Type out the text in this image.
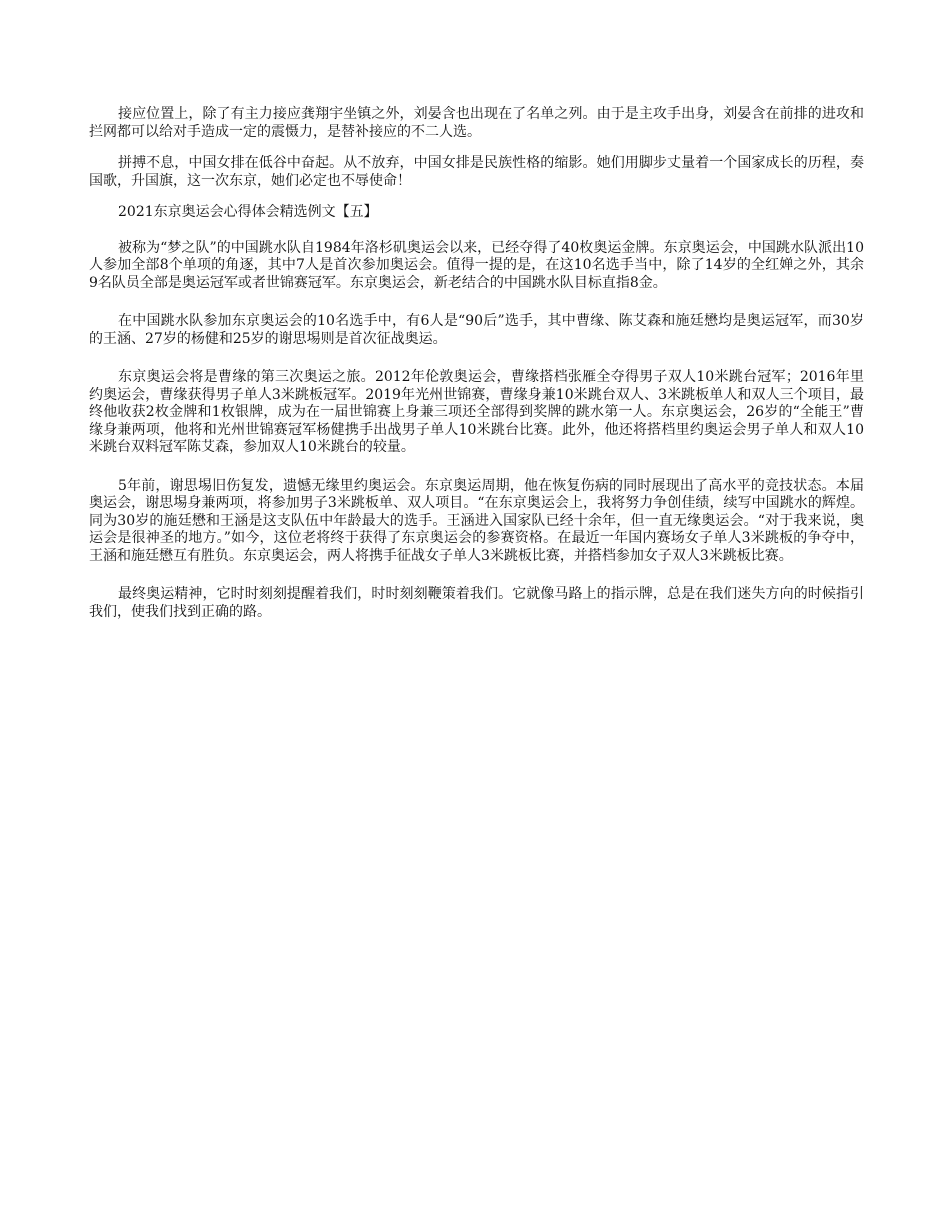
接应位置上，除了有主力接应龚翔宇坐镇之外，刘晏含也出现在了名单之列。由于是主攻手出身，刘晏含在前排的进攻和拦网都可以给对手造成一定的震慑力，是替补接应的不二人选。

拼搏不息，中国女排在低谷中奋起。从不放弃，中国女排是民族性格的缩影。她们用脚步丈量着一个国家成长的历程，奏国歌，升国旗，这一次东京，她们必定也不辱使命！

2021东京奥运会心得体会精选例文【五】

被称为“梦之队”的中国跳水队自1984年洛杉矶奥运会以来，已经夺得了40枚奥运金牌。东京奥运会，中国跳水队派出10人参加全部8个单项的角逐，其中7人是首次参加奥运会。值得一提的是，在这10名选手当中，除了14岁的全红婵之外，其余9名队员全部是奥运冠军或者世锦赛冠军。东京奥运会，新老结合的中国跳水队目标直指8金。

在中国跳水队参加东京奥运会的10名选手中，有6人是“90后”选手，其中曹缘、陈艾森和施廷懋均是奥运冠军，而30岁的王涵、27岁的杨健和25岁的谢思埸则是首次征战奥运。

东京奥运会将是曹缘的第三次奥运之旅。2012年伦敦奥运会，曹缘搭档张雁全夺得男子双人10米跳台冠军；2016年里约奥运会，曹缘获得男子单人3米跳板冠军。2019年光州世锦赛，曹缘身兼10米跳台双人、3米跳板单人和双人三个项目，最终他收获2枚金牌和1枚银牌，成为在一届世锦赛上身兼三项还全部得到奖牌的跳水第一人。东京奥运会，26岁的“全能王”曹缘身兼两项，他将和光州世锦赛冠军杨健携手出战男子单人10米跳台比赛。此外，他还将搭档里约奥运会男子单人和双人10米跳台双料冠军陈艾森，参加双人10米跳台的较量。

5年前，谢思埸旧伤复发，遗憾无缘里约奥运会。东京奥运周期，他在恢复伤病的同时展现出了高水平的竞技状态。本届奥运会，谢思埸身兼两项，将参加男子3米跳板单、双人项目。“在东京奥运会上，我将努力争创佳绩，续写中国跳水的辉煌。同为30岁的施廷懋和王涵是这支队伍中年龄最大的选手。王涵进入国家队已经十余年，但一直无缘奥运会。“对于我来说，奥运会是很神圣的地方。”如今，这位老将终于获得了东京奥运会的参赛资格。在最近一年国内赛场女子单人3米跳板的争夺中，王涵和施廷懋互有胜负。东京奥运会，两人将携手征战女子单人3米跳板比赛，并搭档参加女子双人3米跳板比赛。

最终奥运精神，它时时刻刻提醒着我们，时时刻刻鞭策着我们。它就像马路上的指示牌，总是在我们迷失方向的时候指引我们，使我们找到正确的路。
